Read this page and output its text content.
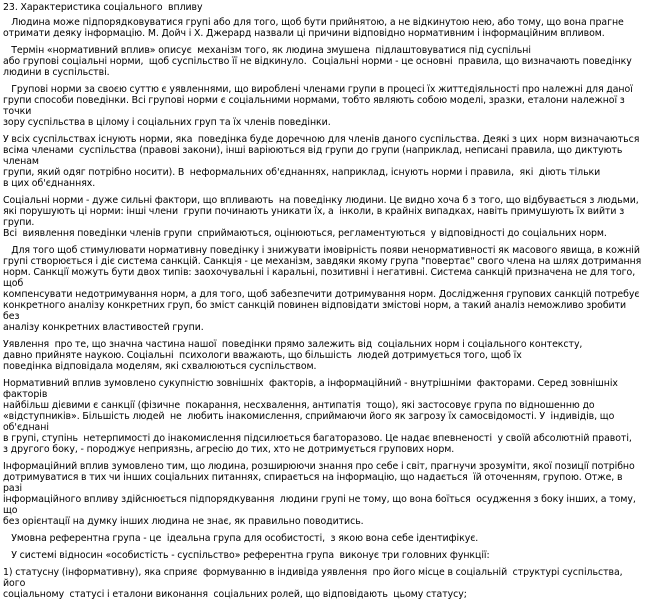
23. Характеристика соціального  впливу

Людина може підпорядковуватися групі або для того, щоб бути прийнятою, а не відкинутою нею, або тому, що вона прагне
отримати деяку інформацію. М. Дойч і Х. Джерард назвали ці причини відповідно нормативним і інформаційним впливом.

Термін «нормативний вплив» описує  механізм того, як людина змушена  підлаштовуватися під суспільні
або групові соціальні норми,  щоб суспільство її не відкинуло.  Соціальні норми - це основні  правила, що визначають поведінку
людини в суспільстві.

Групові норми за своєю суттю є уявленнями, що вироблені членами групи в процесі їх життєдіяльності про належні для даної
групи способи поведінки. Всі групові норми є соціальними нормами, тобто являють собою моделі, зразки, еталони належної з точки
зору суспільства в цілому і соціальних груп та їх членів поведінки.

У всіх суспільствах існують норми, яка  поведінка буде доречною для членів даного суспільства. Деякі з цих  норм визначаються
всіма членами  суспільства (правові закони), інші варіюються від групи до групи (наприклад, неписані правила, що диктують членам
групи, який одяг потрібно носити). В  неформальних об'єднаннях, наприклад, існують норми і правила,  які  діють тільки
в цих об'єднаннях.

Соціальні норми - дуже сильні фактори, що впливають  на поведінку людини. Це видно хоча б з того, що відбувається з людьми,
які порушують ці норми: інші члени  групи починають уникати їх, а  інколи, в крайніх випадках, навіть примушують їх вийти з групи.
Всі  виявлення поведінки членів групи  сприймаються, оцінюються, регламентуються  у відповідності до соціальних норм.

Для того щоб стимулювати нормативну поведінку і знижувати імовірність появи ненормативності як масового явища, в кожній
групі створюється і діє система санкцій. Санкція - це механізм, завдяки якому група "повертає" свого члена на шлях дотримання
норм. Санкції можуть бути двох типів: заохочувальні і каральні, позитивні і негативні. Система санкцій призначена не для того, щоб
компенсувати недотримування норм, а для того, щоб забезпечити дотримування норм. Дослідження групових санкцій потребує
конкретного аналізу конкретних груп, бо зміст санкцій повинен відповідати змістові норм, а такий аналіз неможливо зробити без
аналізу конкретних властивостей групи.

Уявлення  про те, що значна частина нашої  поведінки прямо залежить від  соціальних норм і соціального контексту,
давно прийняте наукою. Соціальні  психологи вважають, що більшість  людей дотримується того, щоб їх
поведінка відповідала моделям, які схвалюються суспільством.

Нормативний вплив зумовлено сукупністю зовнішніх  факторів, а інформаційний - внутрішніми  факторами. Серед зовнішніх факторів
найбільш дієвими є санкції (фізичне  покарання, несхвалення, антипатія  тощо), які застосовує група по відношенню до
«відступників». Більшість людей  не  любить інакомислення, сприймаючи його як загрозу їх самосвідомості. У  індивідів, що об'єднані
в групі, ступінь  нетерпимості до інакомислення підсилюється багаторазово. Це надає впевненості  у своїй абсолютній правоті,
з другого боку, - породжує неприязнь, агресію до тих, хто не дотримується групових норм.

Інформаційний вплив зумовлено тим, що людина, розширюючи знання про себе і світ, прагнучи зрозуміти, якої позиції потрібно
дотримуватися в тих чи інших соціальних питаннях, спирається на інформацію, що надається  їй оточенням, групою. Отже, в разі
інформаційного впливу здійснюється підпорядкування  людини групі не тому, що вона боїться  осудження з боку інших, а тому, що
без орієнтації на думку інших людина не знає, як правильно поводитись.

Умовна референтна група - це  ідеальна група для особистості,  з якою вона себе ідентифікує.

У системі відносин «особистість - суспільство» референтна група  виконує три головних функції:

1) статусну (інформативну), яка сприяє  формуванню в індивіда уявлення  про його місце в соціальній  структурі суспільства, його
соціальному  статусі і еталони виконання  соціальних ролей, що відповідають  цьому статусу;
